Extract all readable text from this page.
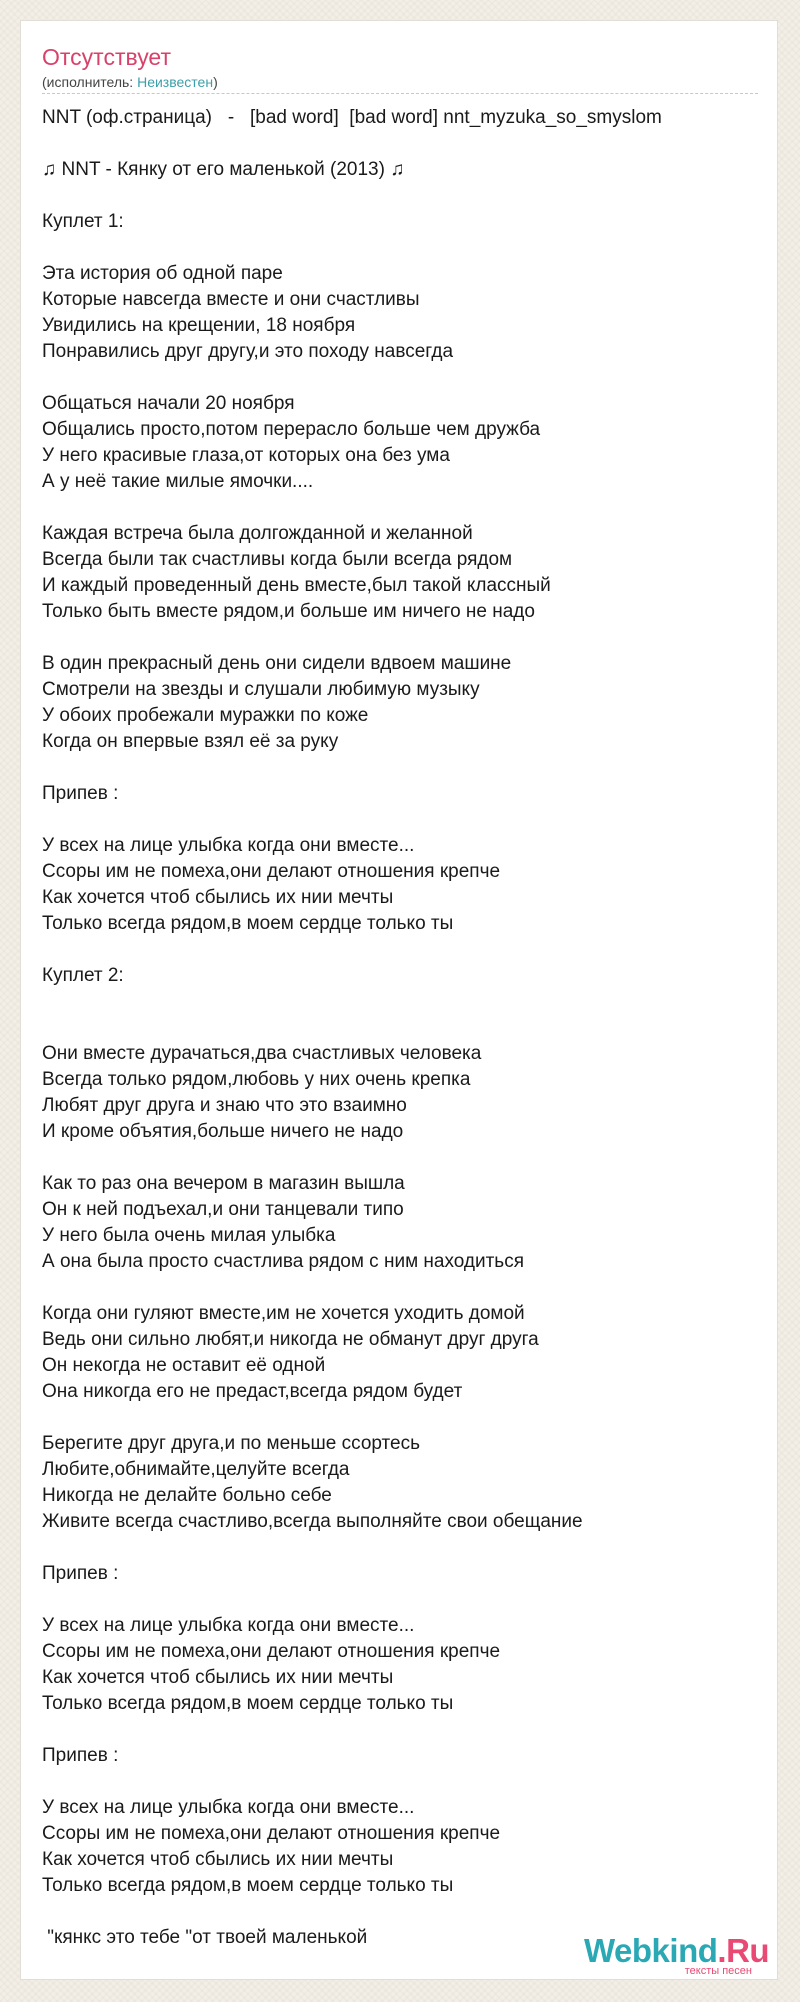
Отсутствует
(исполнитель: Неизвестен)
NNT (оф.страница)   -   [bad word]  [bad word] nnt_myzuka_so_smyslom
♫ NNT - Кянку от его маленькой (2013) ♫
Куплет 1:
Эта история об одной паре
Которые навсегда вместе и они счастливы
Увидились на крещении, 18 ноября
Понравились друг другу,и это походу навсегда
Общаться начали 20 ноября
Общались просто,потом перерасло больше чем дружба
У него красивые глаза,от которых она без ума
А у неё такие милые ямочки....
Каждая встреча была долгожданной и желанной
Всегда были так счастливы когда были всегда рядом
И каждый проведенный день вместе,был такой классный
Только быть вместе рядом,и больше им ничего не надо
В один прекрасный день они сидели вдвоем машине
Смотрели на звезды и слушали любимую музыку
У обоих пробежали муражки по коже
Когда он впервые взял её за руку
Припев :
У всех на лице улыбка когда они вместе...
Ссоры им не помеха,они делают отношения крепче
Как хочется чтоб сбылись их нии мечты
Только всегда рядом,в моем сердце только ты
Куплет 2:
Они вместе дурачаться,два счастливых человека
Всегда только рядом,любовь у них очень крепка
Любят друг друга и знаю что это взаимно
И кроме объятия,больше ничего не надо
Как то раз она вечером в магазин вышла
Он к ней подъехал,и они танцевали типо
У него была очень милая улыбка
А она была просто счастлива рядом с ним находиться
Когда они гуляют вместе,им не хочется уходить домой
Ведь они сильно любят,и никогда не обманут друг друга
Он некогда не оставит её одной
Она никогда его не предаст,всегда рядом будет
Берегите друг друга,и по меньше ссортесь
Любите,обнимайте,целуйте всегда
Никогда не делайте больно себе
Живите всегда счастливо,всегда выполняйте свои обещание
Припев :
У всех на лице улыбка когда они вместе...
Ссоры им не помеха,они делают отношения крепче
Как хочется чтоб сбылись их нии мечты
Только всегда рядом,в моем сердце только ты
Припев :
У всех на лице улыбка когда они вместе...
Ссоры им не помеха,они делают отношения крепче
Как хочется чтоб сбылись их нии мечты
Только всегда рядом,в моем сердце только ты
"кянкс это тебе "от твоей маленькой	Webkind.Ru
тексты песен
